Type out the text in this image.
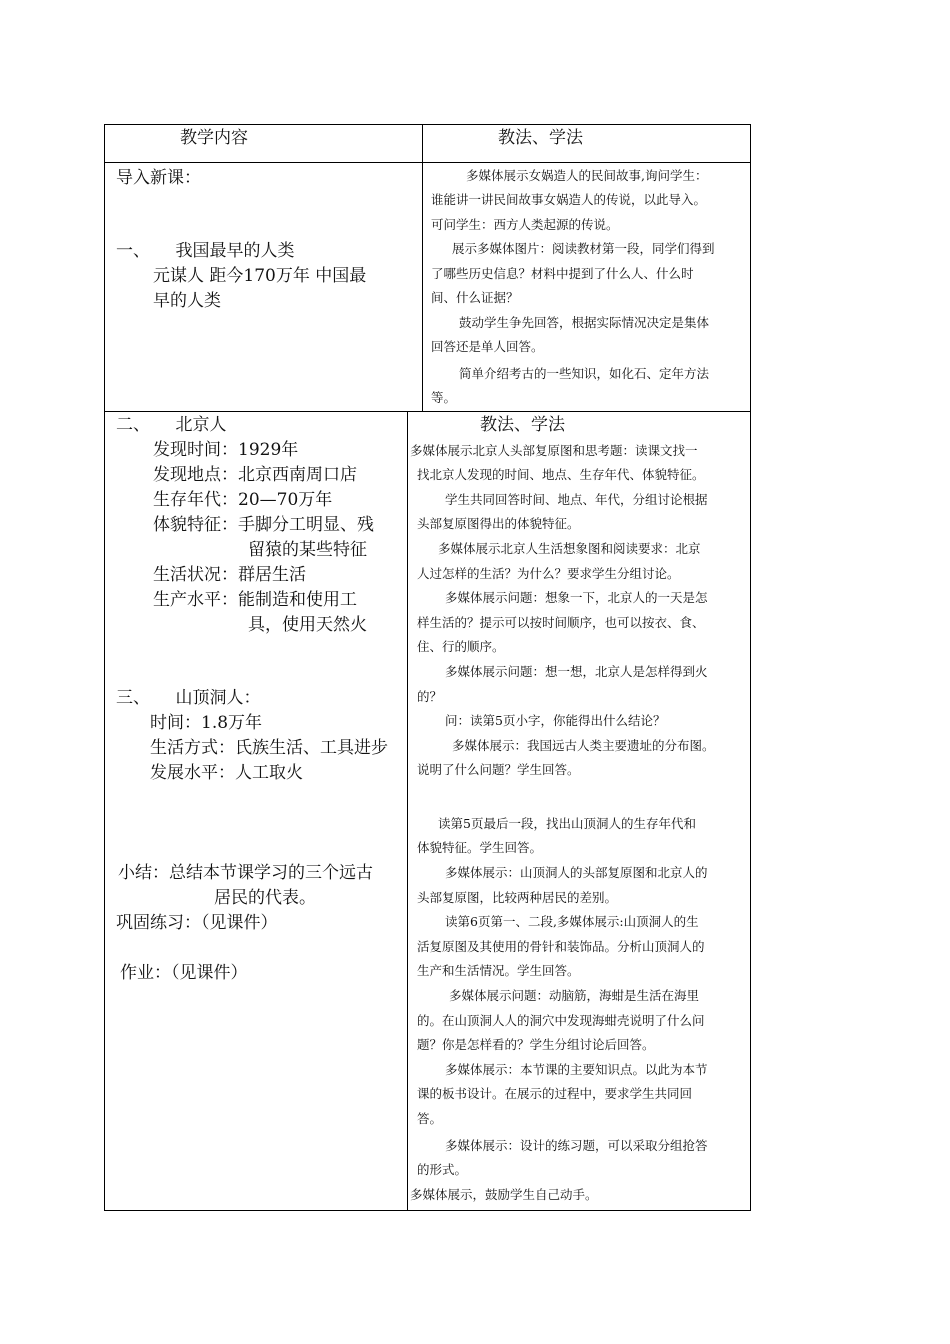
教学内容	教法、学法
导入新课：
一、　　我国最早的人类
元谋人 距今170万年 中国最
早的人类
多媒体展示女娲造人的民间故事,询问学生：
谁能讲一讲民间故事女娲造人的传说，以此导入。
可问学生：西方人类起源的传说。
展示多媒体图片：阅读教材第一段，同学们得到
了哪些历史信息？材料中提到了什么人、什么时
间、什么证据？
鼓动学生争先回答，根据实际情况决定是集体
回答还是单人回答。
简单介绍考古的一些知识，如化石、定年方法
等。
教法、学法
二、　　北京人
发现时间：1929年
发现地点：北京西南周口店
生存年代：20—70万年
体貌特征：手脚分工明显、残
留猿的某些特征
生活状况：群居生活
生产水平：能制造和使用工
具，使用天然火
三、　　山顶洞人：
时间：1.8万年
生活方式：氏族生活、工具进步
发展水平：人工取火
小结：总结本节课学习的三个远古
居民的代表。
巩固练习：（见课件）
作业：（见课件）
多媒体展示北京人头部复原图和思考题：读课文找一
找北京人发现的时间、地点、生存年代、体貌特征。
学生共同回答时间、地点、年代，分组讨论根据
头部复原图得出的体貌特征。
多媒体展示北京人生活想象图和阅读要求：北京
人过怎样的生活？为什么？要求学生分组讨论。
多媒体展示问题：想象一下，北京人的一天是怎
样生活的？提示可以按时间顺序，也可以按衣、食、
住、行的顺序。
多媒体展示问题：想一想，北京人是怎样得到火
的？
问：读第5页小字，你能得出什么结论？
多媒体展示：我国远古人类主要遗址的分布图。
说明了什么问题？学生回答。
读第5页最后一段，找出山顶洞人的生存年代和
体貌特征。学生回答。
多媒体展示：山顶洞人的头部复原图和北京人的
头部复原图，比较两种居民的差别。
读第6页第一、二段,多媒体展示:山顶洞人的生
活复原图及其使用的骨针和装饰品。分析山顶洞人的
生产和生活情况。学生回答。
多媒体展示问题：动脑筋，海蚶是生活在海里
的。在山顶洞人人的洞穴中发现海蚶壳说明了什么问
题？你是怎样看的？学生分组讨论后回答。
多媒体展示：本节课的主要知识点。以此为本节
课的板书设计。在展示的过程中，要求学生共同回
答。
多媒体展示：设计的练习题，可以采取分组抢答
的形式。
多媒体展示，鼓励学生自己动手。
